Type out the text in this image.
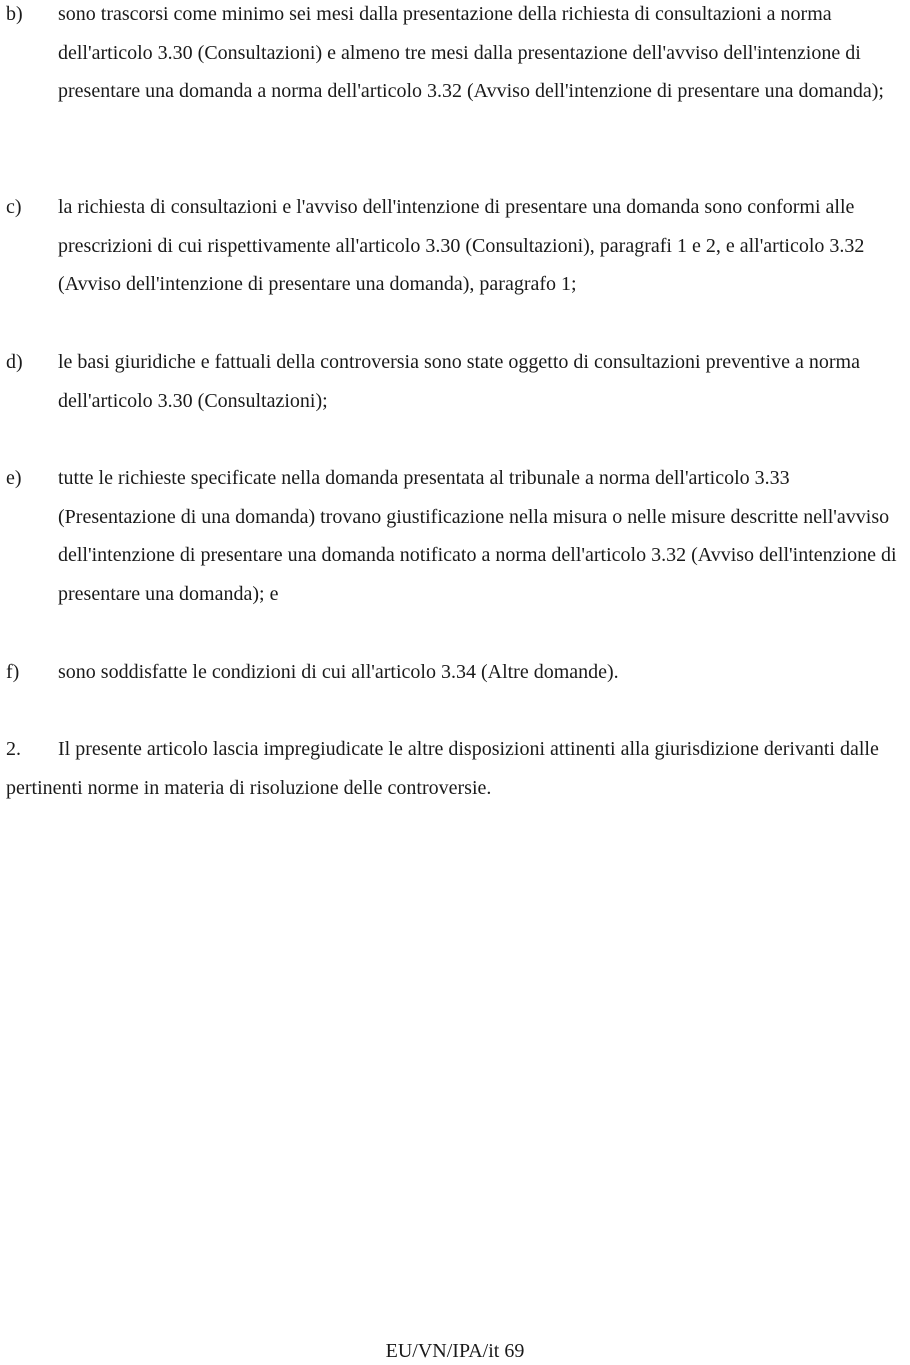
b) sono trascorsi come minimo sei mesi dalla presentazione della richiesta di consultazioni a norma dell'articolo 3.30 (Consultazioni) e almeno tre mesi dalla presentazione dell'avviso dell'intenzione di presentare una domanda a norma dell'articolo 3.32 (Avviso dell'intenzione di presentare una domanda);
c) la richiesta di consultazioni e l'avviso dell'intenzione di presentare una domanda sono conformi alle prescrizioni di cui rispettivamente all'articolo 3.30 (Consultazioni), paragrafi 1 e 2, e all'articolo 3.32 (Avviso dell'intenzione di presentare una domanda), paragrafo 1;
d) le basi giuridiche e fattuali della controversia sono state oggetto di consultazioni preventive a norma dell'articolo 3.30 (Consultazioni);
e) tutte le richieste specificate nella domanda presentata al tribunale a norma dell'articolo 3.33 (Presentazione di una domanda) trovano giustificazione nella misura o nelle misure descritte nell'avviso dell'intenzione di presentare una domanda notificato a norma dell'articolo 3.32 (Avviso dell'intenzione di presentare una domanda); e
f) sono soddisfatte le condizioni di cui all'articolo 3.34 (Altre domande).
2. Il presente articolo lascia impregiudicate le altre disposizioni attinenti alla giurisdizione derivanti dalle pertinenti norme in materia di risoluzione delle controversie.
EU/VN/IPA/it 69
